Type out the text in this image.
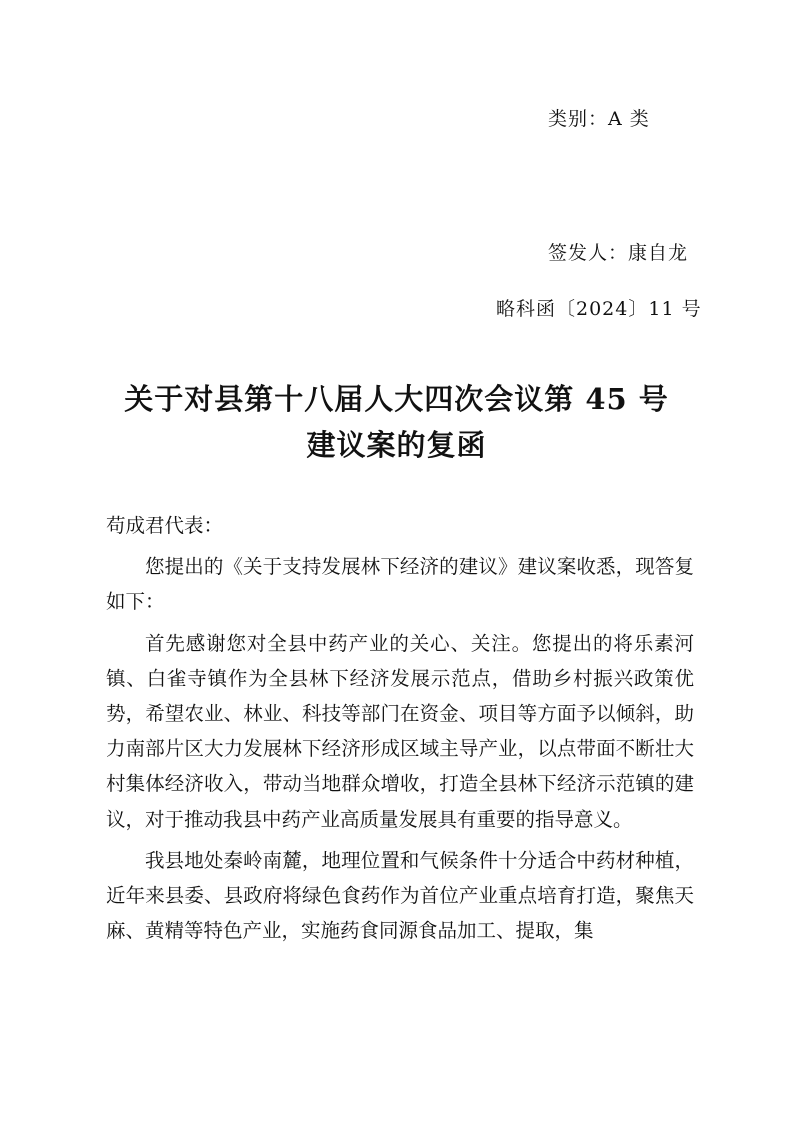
类别：A 类
签发人：康自龙
略科函〔2024〕11 号
关于对县第十八届人大四次会议第 45 号
建议案的复函

苟成君代表：

您提出的《关于支持发展林下经济的建议》建议案收悉，现答复如下：

首先感谢您对全县中药产业的关心、关注。您提出的将乐素河镇、白雀寺镇作为全县林下经济发展示范点，借助乡村振兴政策优势，希望农业、林业、科技等部门在资金、项目等方面予以倾斜，助力南部片区大力发展林下经济形成区域主导产业，以点带面不断壮大村集体经济收入，带动当地群众增收，打造全县林下经济示范镇的建议，对于推动我县中药产业高质量发展具有重要的指导意义。

我县地处秦岭南麓，地理位置和气候条件十分适合中药材种植，近年来县委、县政府将绿色食药作为首位产业重点培育打造，聚焦天麻、黄精等特色产业，实施药食同源食品加工、提取，集
